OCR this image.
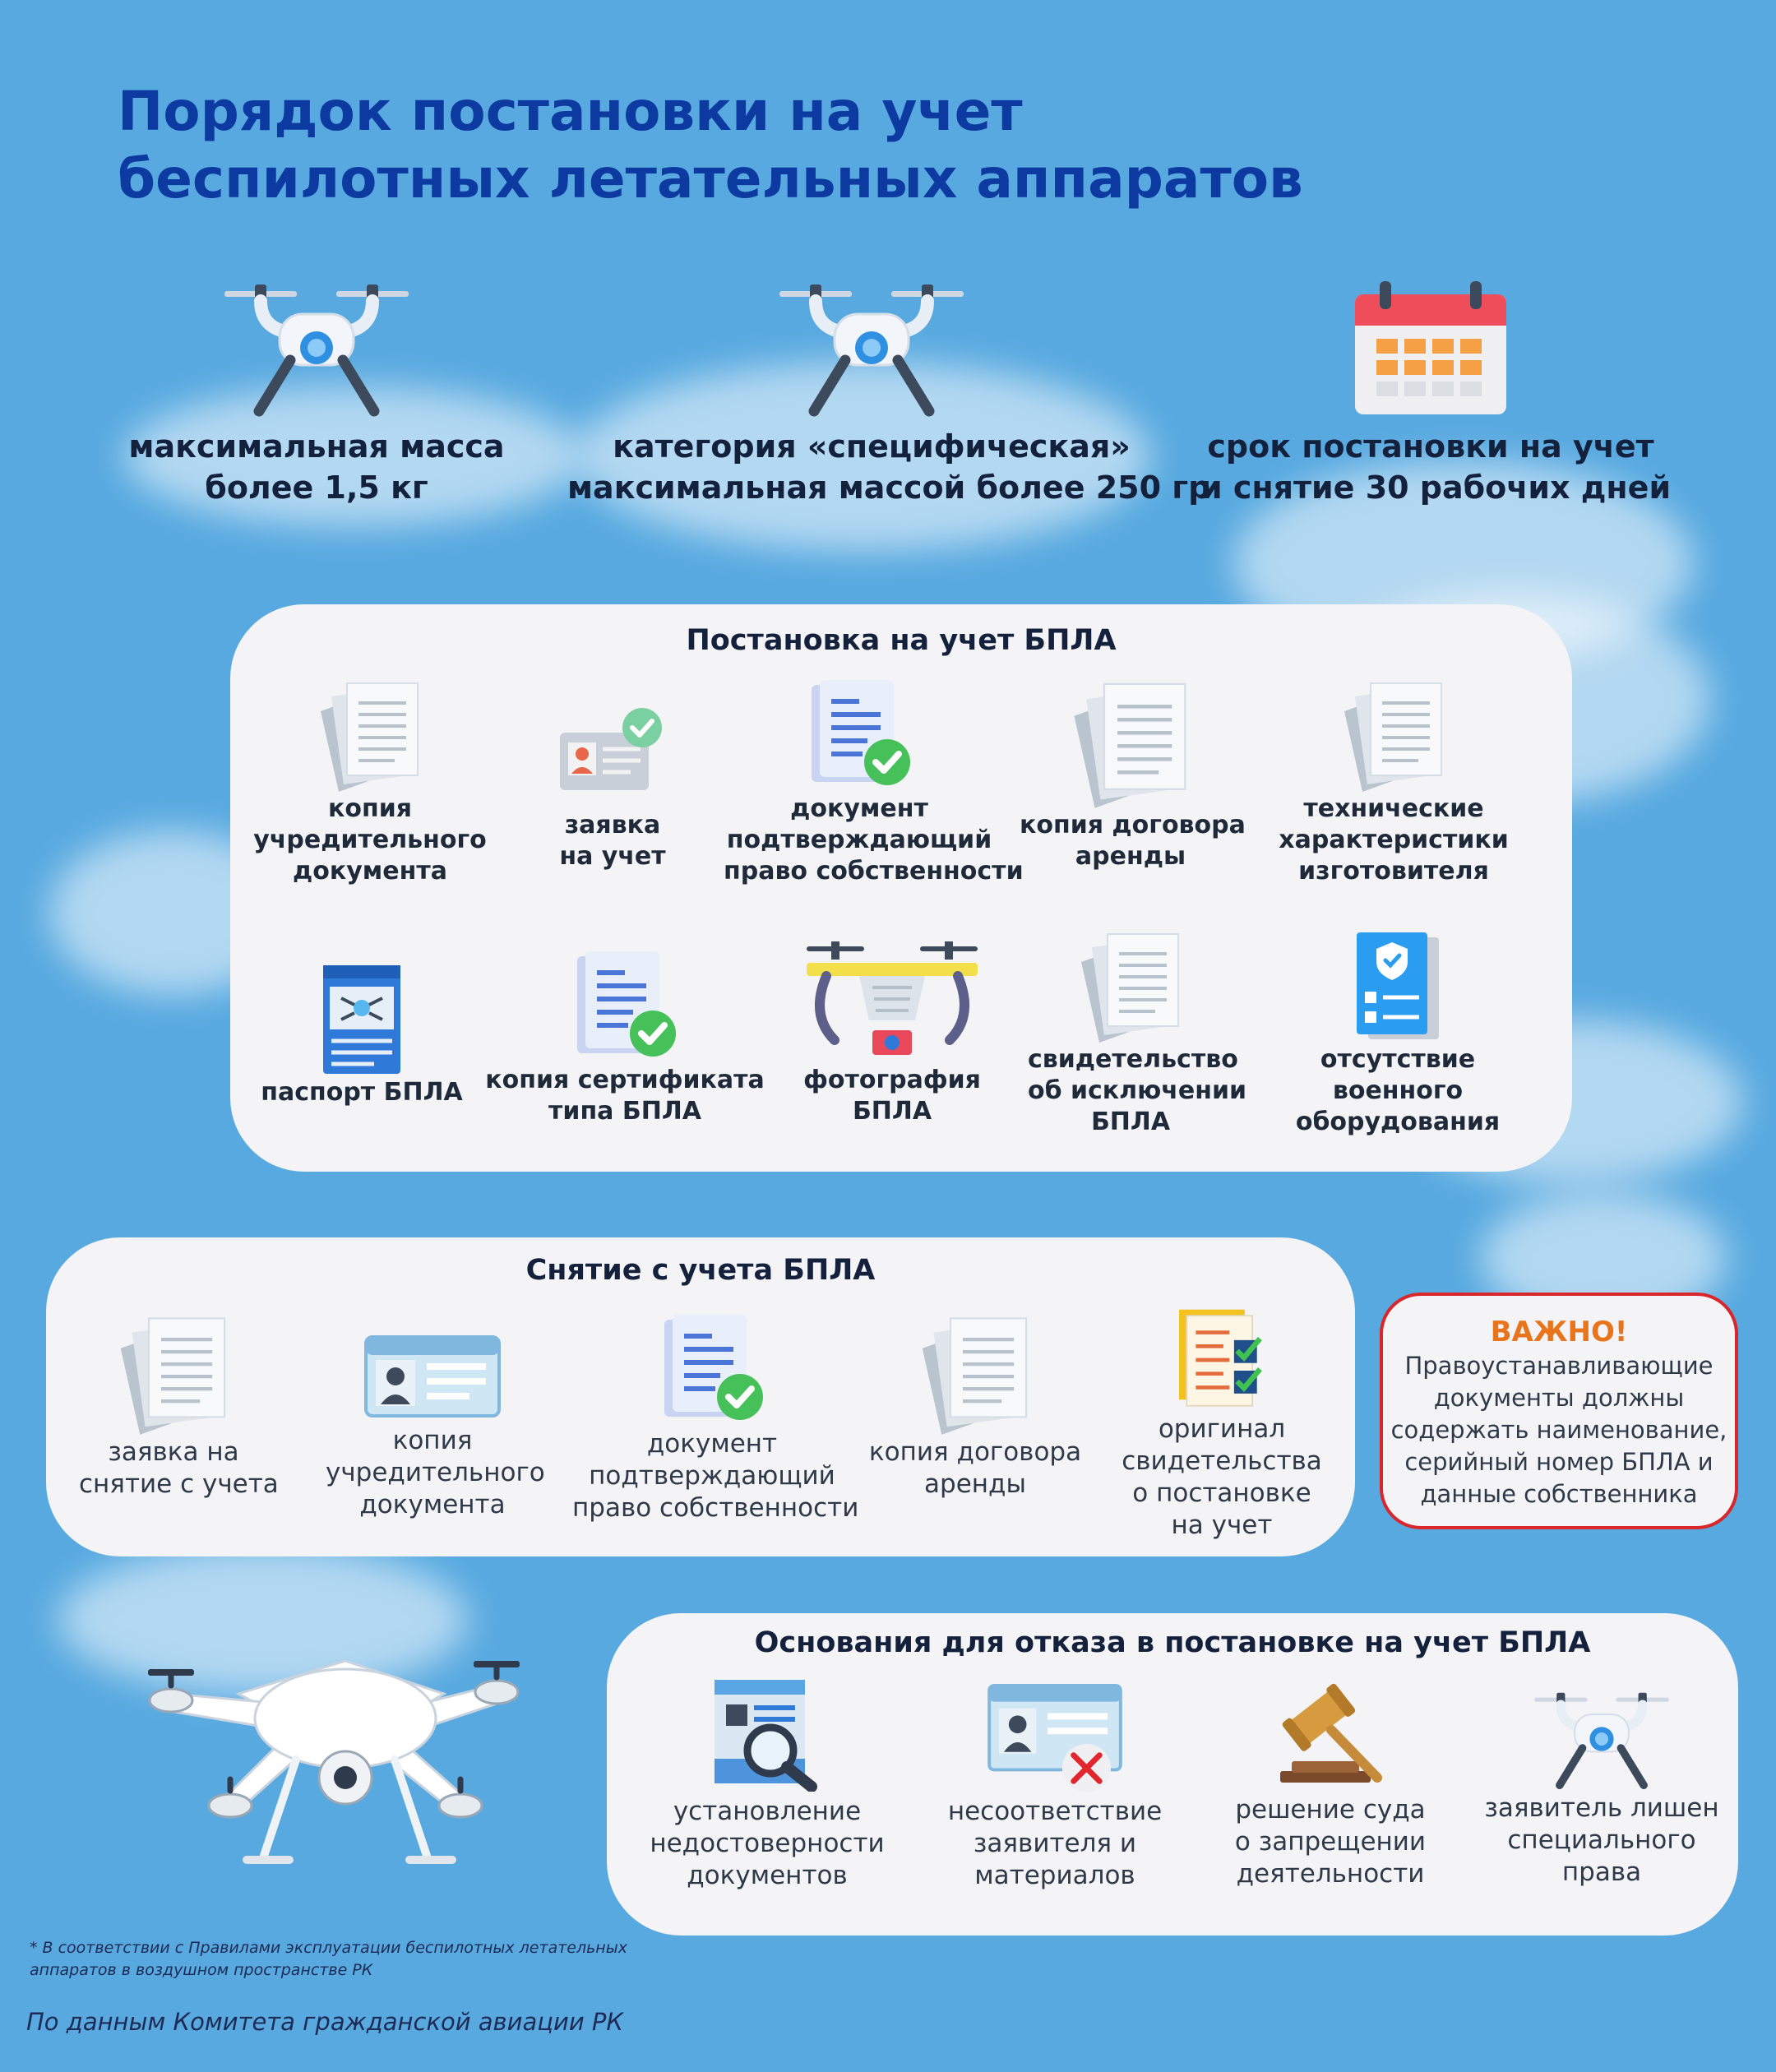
Порядок постановки на учет
беспилотных летательных аппаратов
максимальная масса
более 1,5 кг
категория «специфическая»
максимальная массой более 250 гр
срок постановки на учет
и снятие 30 рабочих дней
Постановка на учет БПЛА
копия
учредительного
документа
заявка
на учет
документ
подтверждающий
право собственности
копия договора
аренды
технические
характеристики
изготовителя
паспорт БПЛА копия сертификата
типа БПЛА
фотография
БПЛА
свидетельство
об исключении
БПЛА
отсутствие
военного
оборудования
Снятие с учета БПЛА
заявка на
снятие с учета
копия
учредительного
документа
документ
подтверждающий
право собственности
копия договора
аренды
оригинал
свидетельства
о постановке
на учет
ВАЖНО!
Правоустанавливающие
документы должны
содержать наименование,
серийный номер БПЛА и
данные собственника
Основания для отказа в постановке на учет БПЛА
установление
недостоверности
документов
несоответствие
заявителя и
материалов
решение суда
о запрещении
деятельности
заявитель лишен
специального
права
* В соответствии с Правилами эксплуатации беспилотных летательных
аппаратов в воздушном пространстве РК
По данным Комитета гражданской авиации РК
